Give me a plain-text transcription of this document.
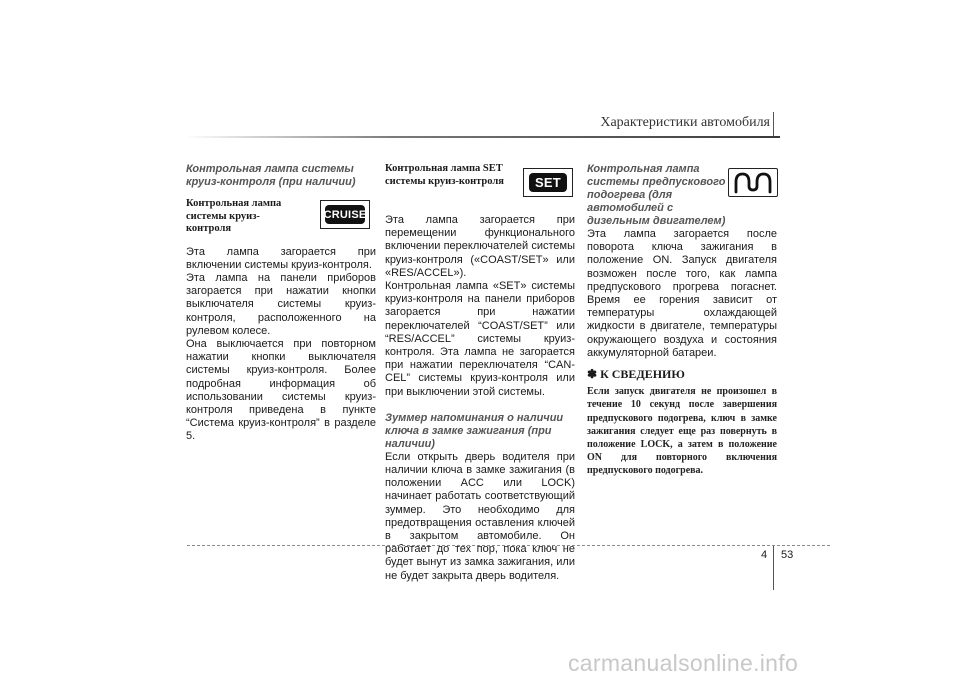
Характеристики автомобиля
Контрольная лампа системы круиз-контроля (при наличии)
Контрольная лампа системы круиз-контроля

Эта лампа загорается при включении системы круиз-контроля.

Эта лампа на панели приборов загорается при нажатии кнопки выключателя системы круиз-контроля, расположенного на рулевом колесе.

Она выключается при повторном нажатии кнопки выключателя системы круиз-контроля. Более подробная информация об использовании системы круиз-контроля приведена в пункте “Система круиз-контроля” в разделе 5.

CRUISE
Контрольная лампа SET системы круиз-контроля

Эта лампа загорается при перемещении функционального включении переключателей системы круиз-контроля («COAST/SET» или «RES/ACCEL»).

Контрольная лампа «SET» системы круиз-контроля на панели приборов загорается при нажатии переключателей “COAST/SET” или “RES/ACCEL” системы круиз-контроля. Эта лампа не загорается при нажатии переключателя “CAN-CEL” системы круиз-контроля или при выключении этой системы.

Зуммер напоминания о наличии ключа в замке зажигания (при наличии)

Если открыть дверь водителя при наличии ключа в замке зажигания (в положении ACC или LOCK) начинает работать соответствующий зуммер. Это необходимо для предотвращения оставления ключей в закрытом автомобиле. Он работает до тех пор, пока ключ не будет вынут из замка зажигания, или не будет закрыта дверь водителя.

SET
Контрольная лампа системы предпускового подогрева (для автомобилей с дизельным двигателем)

Эта лампа загорается после поворота ключа зажигания в положение ON. Запуск двигателя возможен после того, как лампа предпускового прогрева погаснет. Время ее горения зависит от температуры охлаждающей жидкости в двигателе, температуры окружающего воздуха и состояния аккумуляторной батареи.

✽ К СВЕДЕНИЮ

Если запуск двигателя не произошел в течение 10 секунд после завершения предпускового подогрева, ключ в замке зажигания следует еще раз повернуть в положение LOCK, а затем в положение ON для повторного включения предпускового подогрева.

4 53
carmanualsonline.info
